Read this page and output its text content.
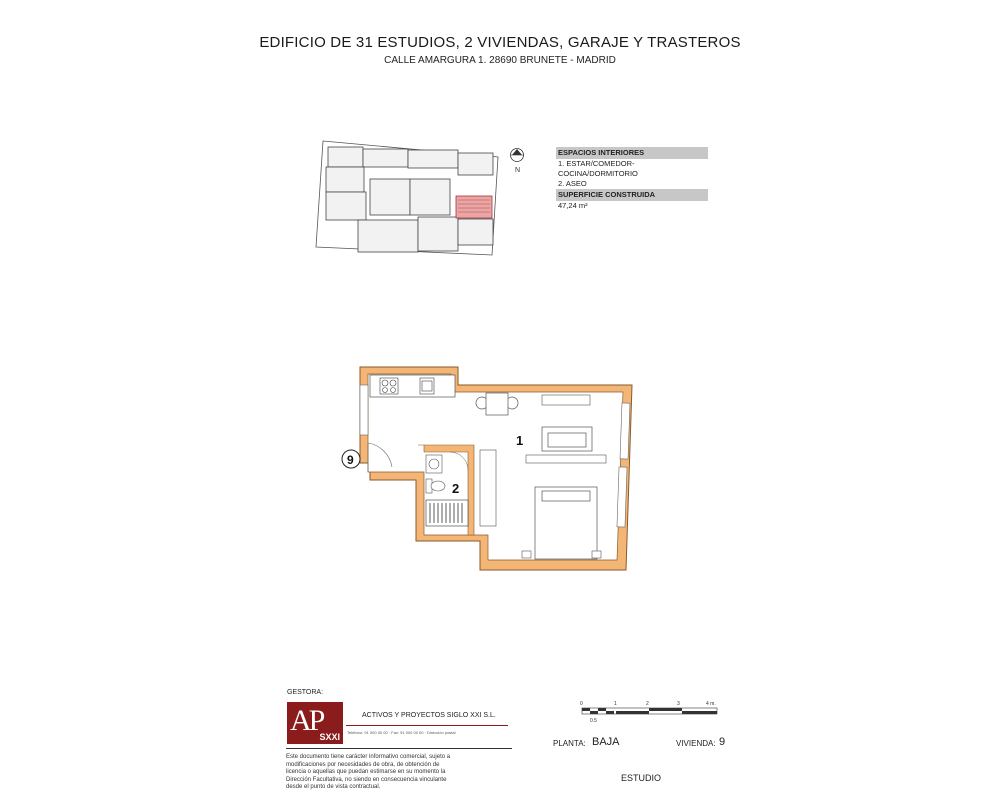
EDIFICIO DE 31 ESTUDIOS, 2 VIVIENDAS, GARAJE Y TRASTEROS
CALLE AMARGURA 1. 28690 BRUNETE - MADRID
N
ESPACIOS INTERIORES
1. ESTAR/COMEDOR-COCINA/DORMITORIO
2. ASEO
SUPERFICIE CONSTRUIDA
47,24 m²
1
2
9
GESTORA:
AP
SXXI
ACTIVOS Y PROYECTOS SIGLO XXI S.L.
Teléfono: 91 000 00 00 · Fax: 91 000 00 00 · Dirección postal
Este documento tiene carácter informativo comercial, sujeto a modificaciones por necesidades de obra, de obtención de licencia o aquellas que puedan estimarse en su momento la Dirección Facultativa, no siendo en consecuencia vinculante desde el punto de vista contractual.
0	1	2	3	4 m.
0.5
PLANTA: BAJA	VIVIENDA: 9
ESTUDIO
